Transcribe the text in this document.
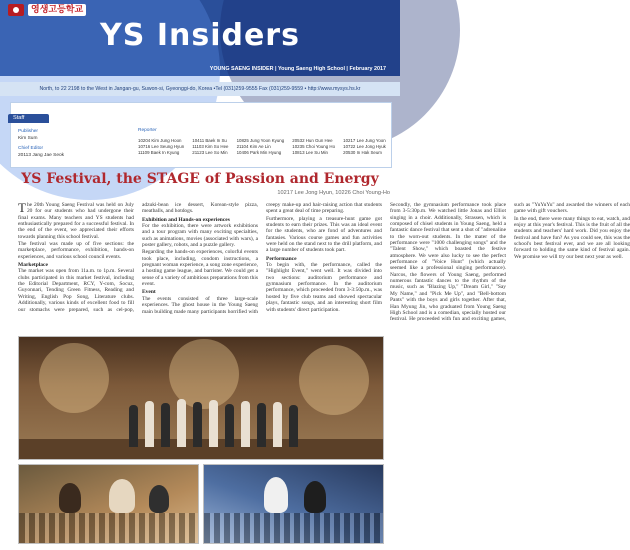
영생고등학교
YS Insiders
YOUNG SAENG INSIDER | Young Saeng High School | February 2017
North, to 22 2198 to the West in Jangan-gu, Suwon-si, Gyeonggi-do, Korea •Tel (031)259-9555 Fax (031)259-9559 • http://www.mysys.hs.kr
Staff
Publisher
Kim Sum
Chief Editor
20113 Jang Jae Seok
Reporter
10204 Kim Jung Hoon	10411 Baek In Su	10825 Jung Yoon Kyung	20532 Hun Gun Hee	10217 Lee Jung Yoon
10716 Lee Seung Hyun	11103 Kim So Hee	21104 Kim Ae Lin	10235 Choi Young Ho	10722 Lee Jong Hyuk
11109 Baek In Kyung	21123 Lee So Min	10406 Park Min Hyung	10813 Lee Su Min	20530 In Hak Seum
YS Festival, the STAGE of Passion and Energy
10217 Lee Jong Hyun, 10226 Choi Young-Ho

The 20th Young Saeng Festival was held on July 20 for our students who had undergone their final exams. Many teachers and YS students had enthusiastically prepared for a successful festival. In the end of the event, we appreciated their efforts towards planning this school festival.

The festival was made up of five sections: the marketplace, performance, exhibition, hands-on experiences, and various school council events.

Marketplace

The market was open from 11a.m. to 1p.m. Several clubs participated in this market festival, including the Editorial Department, RCY, Y-com, Socuz, Guyonnari, Tending Green Fitness, Reading and Writing, English Pop Song, Literature clubs. Additionally, various kinds of excellent food to fill our stomachs were prepared, such as cel-pop, adzuki-bean ice dessert, Korean-style pizza, meatballs, and hotdogs.

Exhibition and Hands-on experiences

For the exhibition, there were artwork exhibitions and a tour program with many exciting specialties, such as animations, movies (associated with wars), a poster gallery, robots, and a puzzle gallery.

Regarding the hands-on experiences, colorful events took place, including, condom instructions, a pregnant woman experience, a song zone experience, a hosting game league, and barrister. We could get a sense of a variety of ambitious preparations from this event.

Event

The events consisted of three large-scale experiences. The ghost house in the Young Saeng main building made many participants horrified with creepy make-up and hair-raising action that students spent a great deal of time preparing.

Furthermore, playing a treasure-hunt game got students to earn their prizes. This was an ideal event for the students, who are fond of adventures and fantasies. Various course games and fun activities were held on the stand next to the drill platform, and a large number of students took part.

Performance

To begin with, the performance, called the "Highlight Event," went well. It was divided into two sections: auditorium performance and gymnasium performance. In the auditorium performance, which proceeded from 3-3:50p.m., was hosted by five club teams and showed spectacular plays, fantastic songs, and an interesting short film with students' direct participation.

Secondly, the gymnasium performance took place from 3-5:30p.m. We watched little Jonas and Elliot singing in a choir. Additionally, Strassen, which is composed of chisel students in Young Saeng, held a fantastic dance festival that sent a shot of "adrenaline to the worn-out students. In the mater of the performance were "1000 challenging songs" and the "Talent Show," which boasted the festive atmosphere. We were also lucky to see the perfect performance of "Voice Hunt" (which actually seemed like a professional singing performance). Narcos, the flowers of Young Saeng, performed numerous fantastic dances to the rhythm of the music, such as "Blazing Up," "Dream Girl," "Say My Name," and "Pick Me Up", and "Bell-bottom Pants" with the boys and girls together. After that, Han Myung Jin, who graduated from Young Saeng High School and is a comedian, specially hosted our festival. He proceeded with fun and exciting games, such as "YuYuYu" and awarded the winners of each game with gift vouchers.

In the end, there were many things to eat, watch, and enjoy at this year's festival. This is the fruit of all the students and teachers' hard work. Did you enjoy the festival and have fun? As you could see, this was the school's best festival ever, and we are all looking forward to holding the same kind of festival again. We promise we will try our best next year as well.
